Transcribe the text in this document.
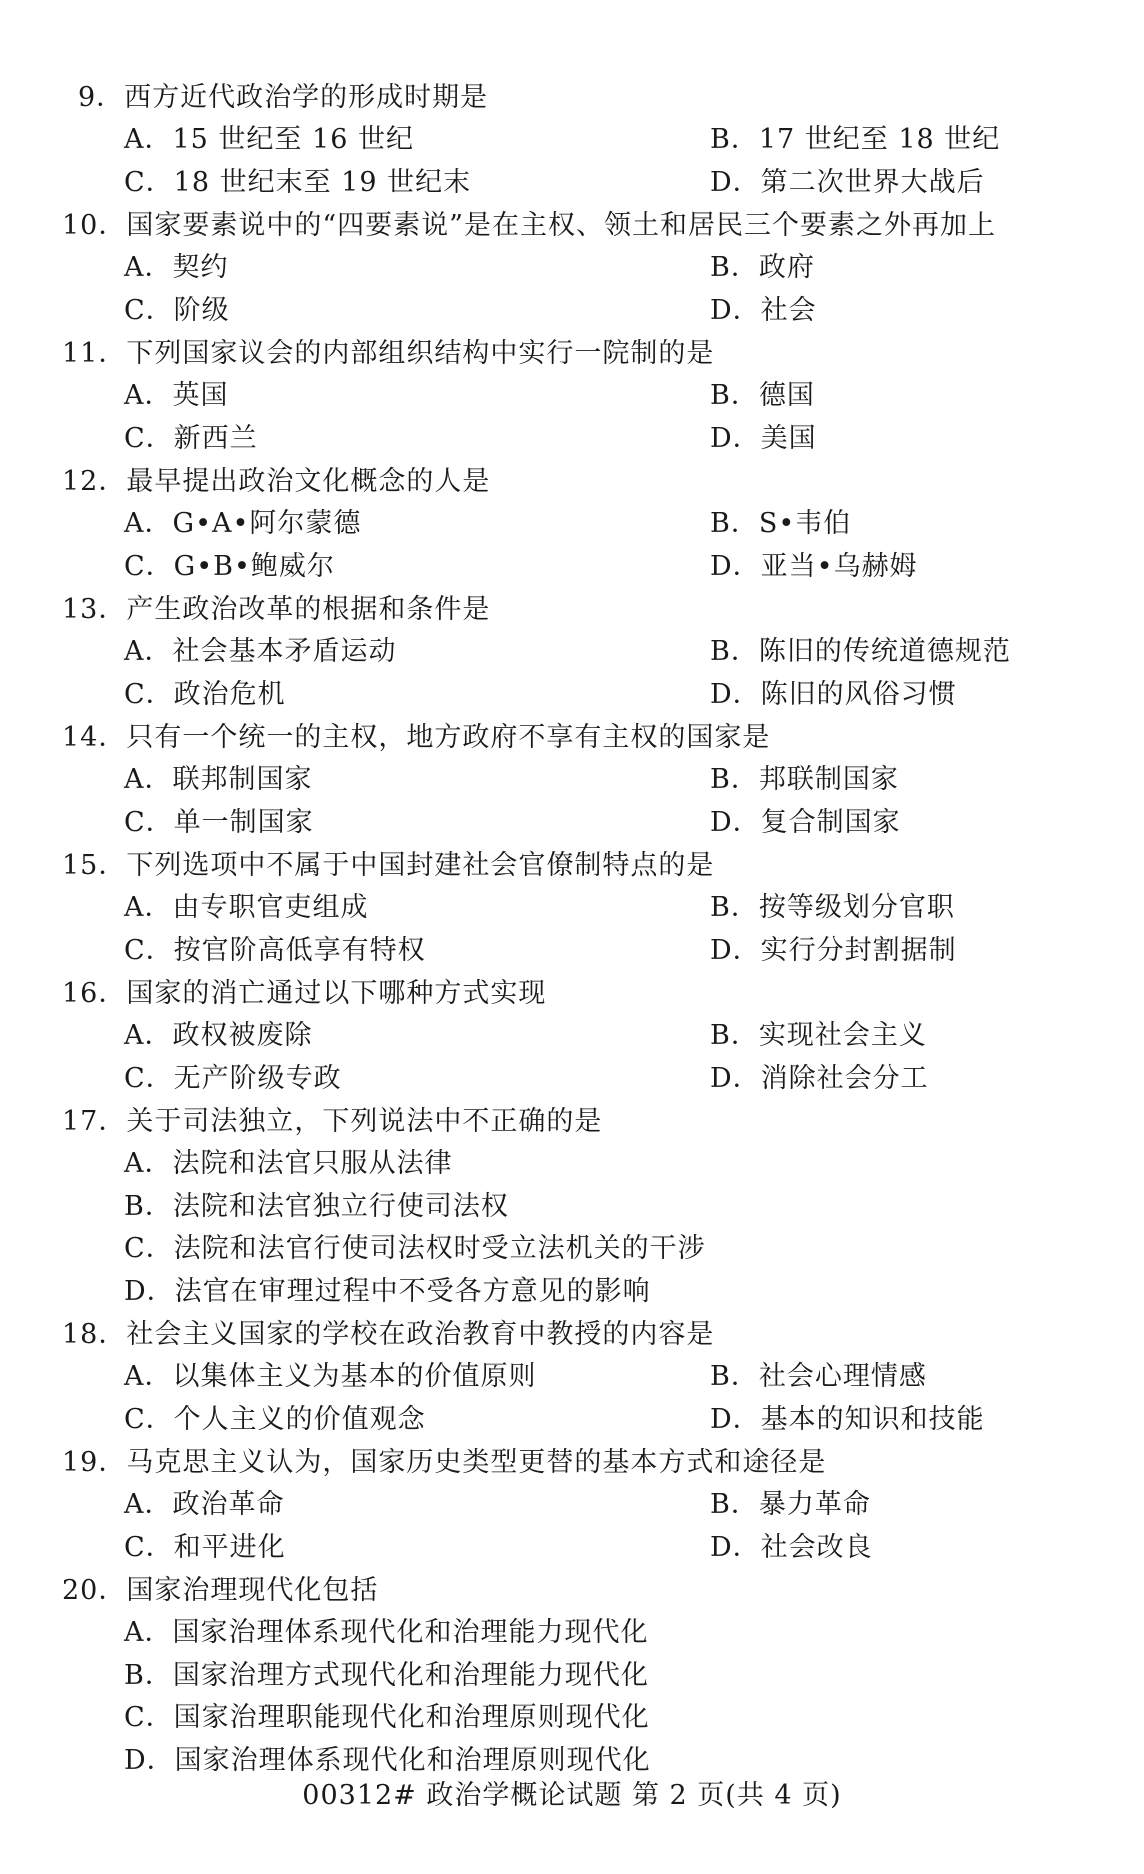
9．西方近代政治学的形成时期是
A．15 世纪至 16 世纪	B．17 世纪至 18 世纪
C．18 世纪末至 19 世纪末	D．第二次世界大战后
10．国家要素说中的“四要素说”是在主权、领土和居民三个要素之外再加上
A．契约	B．政府
C．阶级	D．社会
11．下列国家议会的内部组织结构中实行一院制的是
A．英国	B．德国
C．新西兰	D．美国
12．最早提出政治文化概念的人是
A．G•A•阿尔蒙德	B．S•韦伯
C．G•B•鲍威尔	D．亚当•乌赫姆
13．产生政治改革的根据和条件是
A．社会基本矛盾运动	B．陈旧的传统道德规范
C．政治危机	D．陈旧的风俗习惯
14．只有一个统一的主权，地方政府不享有主权的国家是
A．联邦制国家	B．邦联制国家
C．单一制国家	D．复合制国家
15．下列选项中不属于中国封建社会官僚制特点的是
A．由专职官吏组成	B．按等级划分官职
C．按官阶高低享有特权	D．实行分封割据制
16．国家的消亡通过以下哪种方式实现
A．政权被废除	B．实现社会主义
C．无产阶级专政	D．消除社会分工
17．关于司法独立，下列说法中不正确的是
A．法院和法官只服从法律
B．法院和法官独立行使司法权
C．法院和法官行使司法权时受立法机关的干涉
D．法官在审理过程中不受各方意见的影响
18．社会主义国家的学校在政治教育中教授的内容是
A．以集体主义为基本的价值原则	B．社会心理情感
C．个人主义的价值观念	D．基本的知识和技能
19．马克思主义认为，国家历史类型更替的基本方式和途径是
A．政治革命	B．暴力革命
C．和平进化	D．社会改良
20．国家治理现代化包括
A．国家治理体系现代化和治理能力现代化
B．国家治理方式现代化和治理能力现代化
C．国家治理职能现代化和治理原则现代化
D．国家治理体系现代化和治理原则现代化
00312# 政治学概论试题 第 2 页(共 4 页)
